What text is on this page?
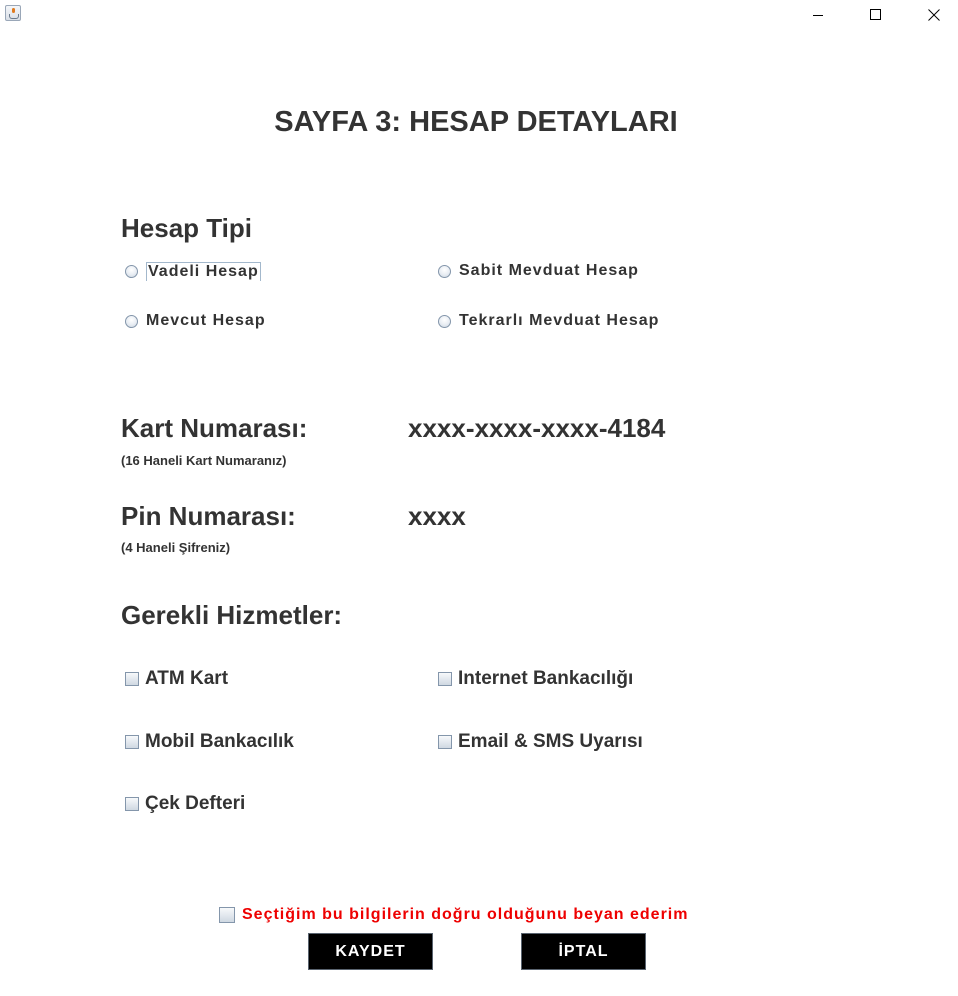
SAYFA 3: HESAP DETAYLARI
Hesap Tipi
Vadeli Hesap	Sabit Mevduat Hesap
Mevcut Hesap	Tekrarlı Mevduat Hesap
Kart Numarası:
(16 Haneli Kart Numaranız)
xxxx-xxxx-xxxx-4184
Pin Numarası:
(4 Haneli Şifreniz)
xxxx
Gerekli Hizmetler:
ATM Kart	Internet Bankacılığı
Mobil Bankacılık	Email & SMS Uyarısı
Çek Defteri
Seçtiğim bu bilgilerin doğru olduğunu beyan ederim
KAYDET	İPTAL
